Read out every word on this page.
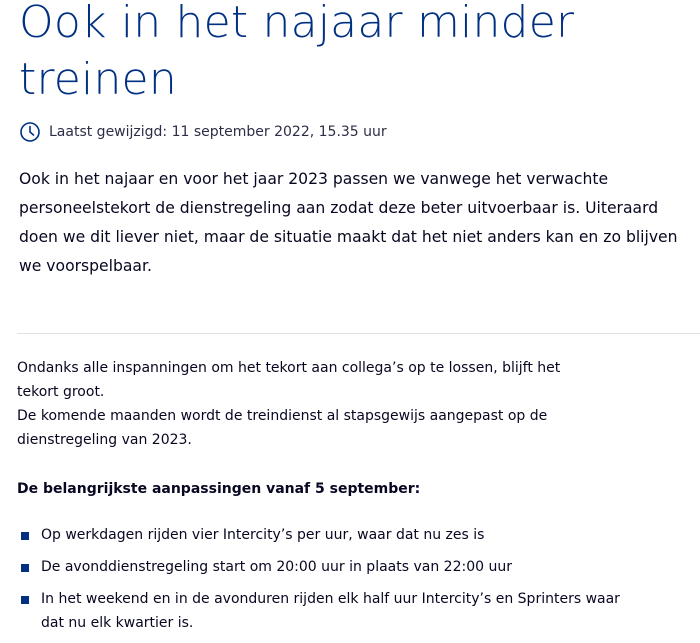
Ook in het najaar minder treinen
Laatst gewijzigd: 11 september 2022, 15.35 uur

Ook in het najaar en voor het jaar 2023 passen we vanwege het verwachte personeelstekort de dienstregeling aan zodat deze beter uitvoerbaar is. Uiteraard doen we dit liever niet, maar de situatie maakt dat het niet anders kan en zo blijven we voorspelbaar.

Ondanks alle inspanningen om het tekort aan collega’s op te lossen, blijft het tekort groot.

De komende maanden wordt de treindienst al stapsgewijs aangepast op de dienstregeling van 2023.

De belangrijkste aanpassingen vanaf 5 september:

Op werkdagen rijden vier Intercity’s per uur, waar dat nu zes is
De avonddienstregeling start om 20:00 uur in plaats van 22:00 uur
In het weekend en in de avonduren rijden elk half uur Intercity’s en Sprinters waar dat nu elk kwartier is.
